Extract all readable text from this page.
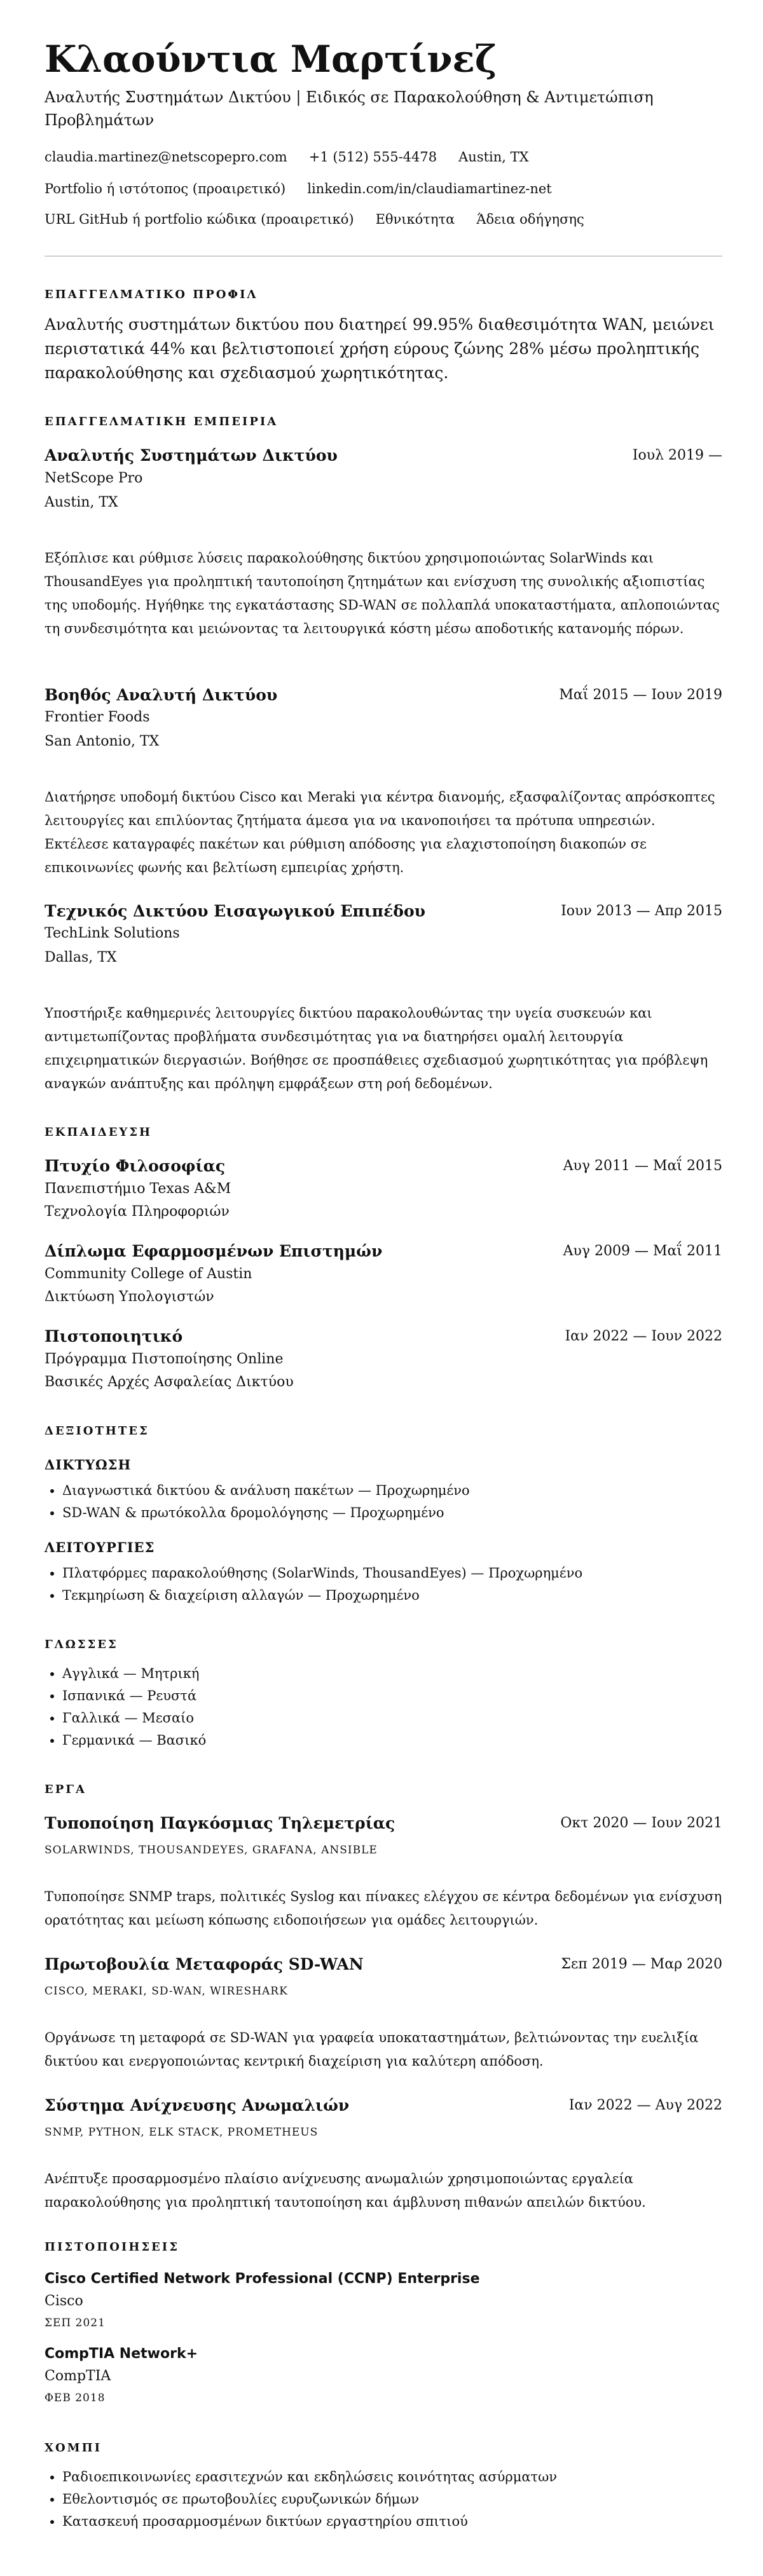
Κλαούντια Μαρτίνεζ
Αναλυτής Συστημάτων Δικτύου | Ειδικός σε Παρακολούθηση & Αντιμετώπιση Προβλημάτων
claudia.martinez@netscopepro.com +1 (512) 555-4478 Austin, TX
Portfolio ή ιστότοπος (προαιρετικό) linkedin.com/in/claudiamartinez-net
URL GitHub ή portfolio κώδικα (προαιρετικό) Εθνικότητα Άδεια οδήγησης
ΕΠΑΓΓΕΛΜΑΤΙΚΟ ΠΡΟΦΙΛ
Αναλυτής συστημάτων δικτύου που διατηρεί 99.95% διαθεσιμότητα WAN, μειώνει περιστατικά 44% και βελτιστοποιεί χρήση εύρους ζώνης 28% μέσω προληπτικής παρακολούθησης και σχεδιασμού χωρητικότητας.
ΕΠΑΓΓΕΛΜΑΤΙΚΗ ΕΜΠΕΙΡΙΑ
Αναλυτής Συστημάτων Δικτύου	Ιουλ 2019 —
NetScope Pro
Austin, TX
Εξόπλισε και ρύθμισε λύσεις παρακολούθησης δικτύου χρησιμοποιώντας SolarWinds και ThousandEyes για προληπτική ταυτοποίηση ζητημάτων και ενίσχυση της συνολικής αξιοπιστίας της υποδομής. Ηγήθηκε της εγκατάστασης SD-WAN σε πολλαπλά υποκαταστήματα, απλοποιώντας τη συνδεσιμότητα και μειώνοντας τα λειτουργικά κόστη μέσω αποδοτικής κατανομής πόρων.
Βοηθός Αναλυτή Δικτύου	Μαΐ 2015 — Ιουν 2019
Frontier Foods
San Antonio, TX
Διατήρησε υποδομή δικτύου Cisco και Meraki για κέντρα διανομής, εξασφαλίζοντας απρόσκοπτες λειτουργίες και επιλύοντας ζητήματα άμεσα για να ικανοποιήσει τα πρότυπα υπηρεσιών. Εκτέλεσε καταγραφές πακέτων και ρύθμιση απόδοσης για ελαχιστοποίηση διακοπών σε επικοινωνίες φωνής και βελτίωση εμπειρίας χρήστη.
Τεχνικός Δικτύου Εισαγωγικού Επιπέδου	Ιουν 2013 — Απρ 2015
TechLink Solutions
Dallas, TX
Υποστήριξε καθημερινές λειτουργίες δικτύου παρακολουθώντας την υγεία συσκευών και αντιμετωπίζοντας προβλήματα συνδεσιμότητας για να διατηρήσει ομαλή λειτουργία επιχειρηματικών διεργασιών. Βοήθησε σε προσπάθειες σχεδιασμού χωρητικότητας για πρόβλεψη αναγκών ανάπτυξης και πρόληψη εμφράξεων στη ροή δεδομένων.
ΕΚΠΑΙΔΕΥΣΗ
Πτυχίο Φιλοσοφίας	Αυγ 2011 — Μαΐ 2015
Πανεπιστήμιο Texas A&M
Τεχνολογία Πληροφοριών
Δίπλωμα Εφαρμοσμένων Επιστημών	Αυγ 2009 — Μαΐ 2011
Community College of Austin
Δικτύωση Υπολογιστών
Πιστοποιητικό	Ιαν 2022 — Ιουν 2022
Πρόγραμμα Πιστοποίησης Online
Βασικές Αρχές Ασφαλείας Δικτύου
ΔΕΞΙΟΤΗΤΕΣ
ΔΙΚΤΥΩΣΗ
• Διαγνωστικά δικτύου & ανάλυση πακέτων — Προχωρημένο
• SD-WAN & πρωτόκολλα δρομολόγησης — Προχωρημένο
ΛΕΙΤΟΥΡΓΙΕΣ
• Πλατφόρμες παρακολούθησης (SolarWinds, ThousandEyes) — Προχωρημένο
• Τεκμηρίωση & διαχείριση αλλαγών — Προχωρημένο
ΓΛΩΣΣΕΣ
• Αγγλικά — Μητρική
• Ισπανικά — Ρευστά
• Γαλλικά — Μεσαίο
• Γερμανικά — Βασικό
ΕΡΓΑ
Τυποποίηση Παγκόσμιας Τηλεμετρίας	Οκτ 2020 — Ιουν 2021
SOLARWINDS, THOUSANDEYES, GRAFANA, ANSIBLE
Τυποποίησε SNMP traps, πολιτικές Syslog και πίνακες ελέγχου σε κέντρα δεδομένων για ενίσχυση ορατότητας και μείωση κόπωσης ειδοποιήσεων για ομάδες λειτουργιών.
Πρωτοβουλία Μεταφοράς SD-WAN	Σεπ 2019 — Μαρ 2020
CISCO, MERAKI, SD-WAN, WIRESHARK
Οργάνωσε τη μεταφορά σε SD-WAN για γραφεία υποκαταστημάτων, βελτιώνοντας την ευελιξία δικτύου και ενεργοποιώντας κεντρική διαχείριση για καλύτερη απόδοση.
Σύστημα Ανίχνευσης Ανωμαλιών	Ιαν 2022 — Αυγ 2022
SNMP, PYTHON, ELK STACK, PROMETHEUS
Ανέπτυξε προσαρμοσμένο πλαίσιο ανίχνευσης ανωμαλιών χρησιμοποιώντας εργαλεία παρακολούθησης για προληπτική ταυτοποίηση και άμβλυνση πιθανών απειλών δικτύου.
ΠΙΣΤΟΠΟΙΗΣΕΙΣ
Cisco Certified Network Professional (CCNP) Enterprise
Cisco
ΣΕΠ 2021
CompTIA Network+
CompTIA
ΦΕΒ 2018
ΧΟΜΠΙ
• Ραδιοεπικοινωνίες ερασιτεχνών και εκδηλώσεις κοινότητας ασύρματων
• Εθελοντισμός σε πρωτοβουλίες ευρυζωνικών δήμων
• Κατασκευή προσαρμοσμένων δικτύων εργαστηρίου σπιτιού
